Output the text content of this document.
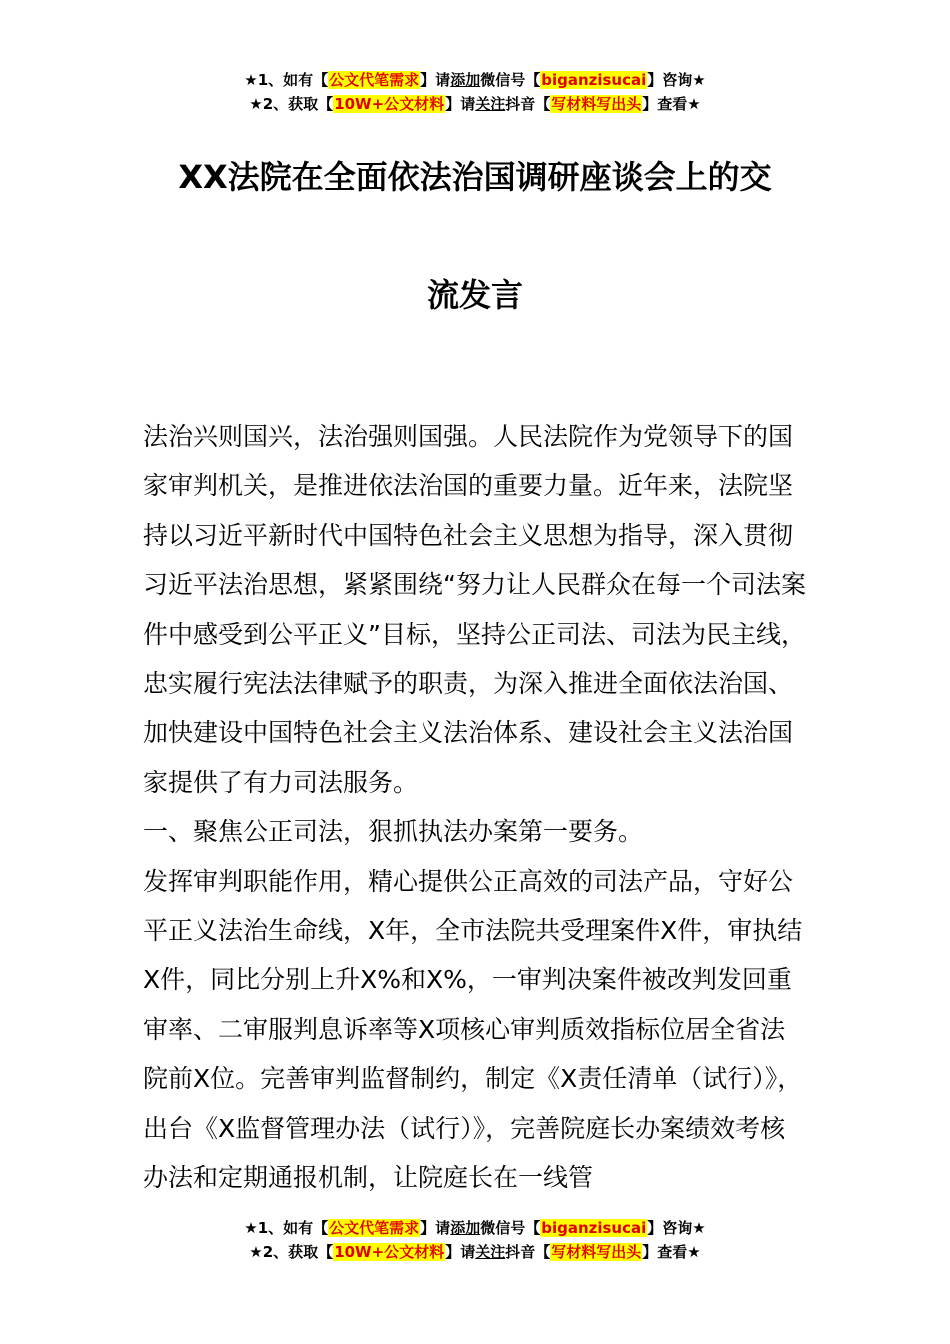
★1、如有【公文代笔需求】请添加微信号【biganzisucai】咨询★
★2、获取【10W+公文材料】请关注抖音【写材料写出头】查看★
XX法院在全面依法治国调研座谈会上的交
流发言

法治兴则国兴，法治强则国强。人民法院作为党领导下的国家审判机关，是推进依法治国的重要力量。近年来，法院坚持以习近平新时代中国特色社会主义思想为指导，深入贯彻习近平法治思想，紧紧围绕“努力让人民群众在每一个司法案件中感受到公平正义”目标，坚持公正司法、司法为民主线，忠实履行宪法法律赋予的职责，为深入推进全面依法治国、加快建设中国特色社会主义法治体系、建设社会主义法治国家提供了有力司法服务。

一、聚焦公正司法，狠抓执法办案第一要务。

发挥审判职能作用，精心提供公正高效的司法产品，守好公平正义法治生命线，X年，全市法院共受理案件X件，审执结X件，同比分别上升X%和X%，一审判决案件被改判发回重审率、二审服判息诉率等X项核心审判质效指标位居全省法院前X位。完善审判监督制约，制定《X责任清单（试行）》，出台《X监督管理办法（试行）》，完善院庭长办案绩效考核办法和定期通报机制，让院庭长在一线管

★1、如有【公文代笔需求】请添加微信号【biganzisucai】咨询★
★2、获取【10W+公文材料】请关注抖音【写材料写出头】查看★
